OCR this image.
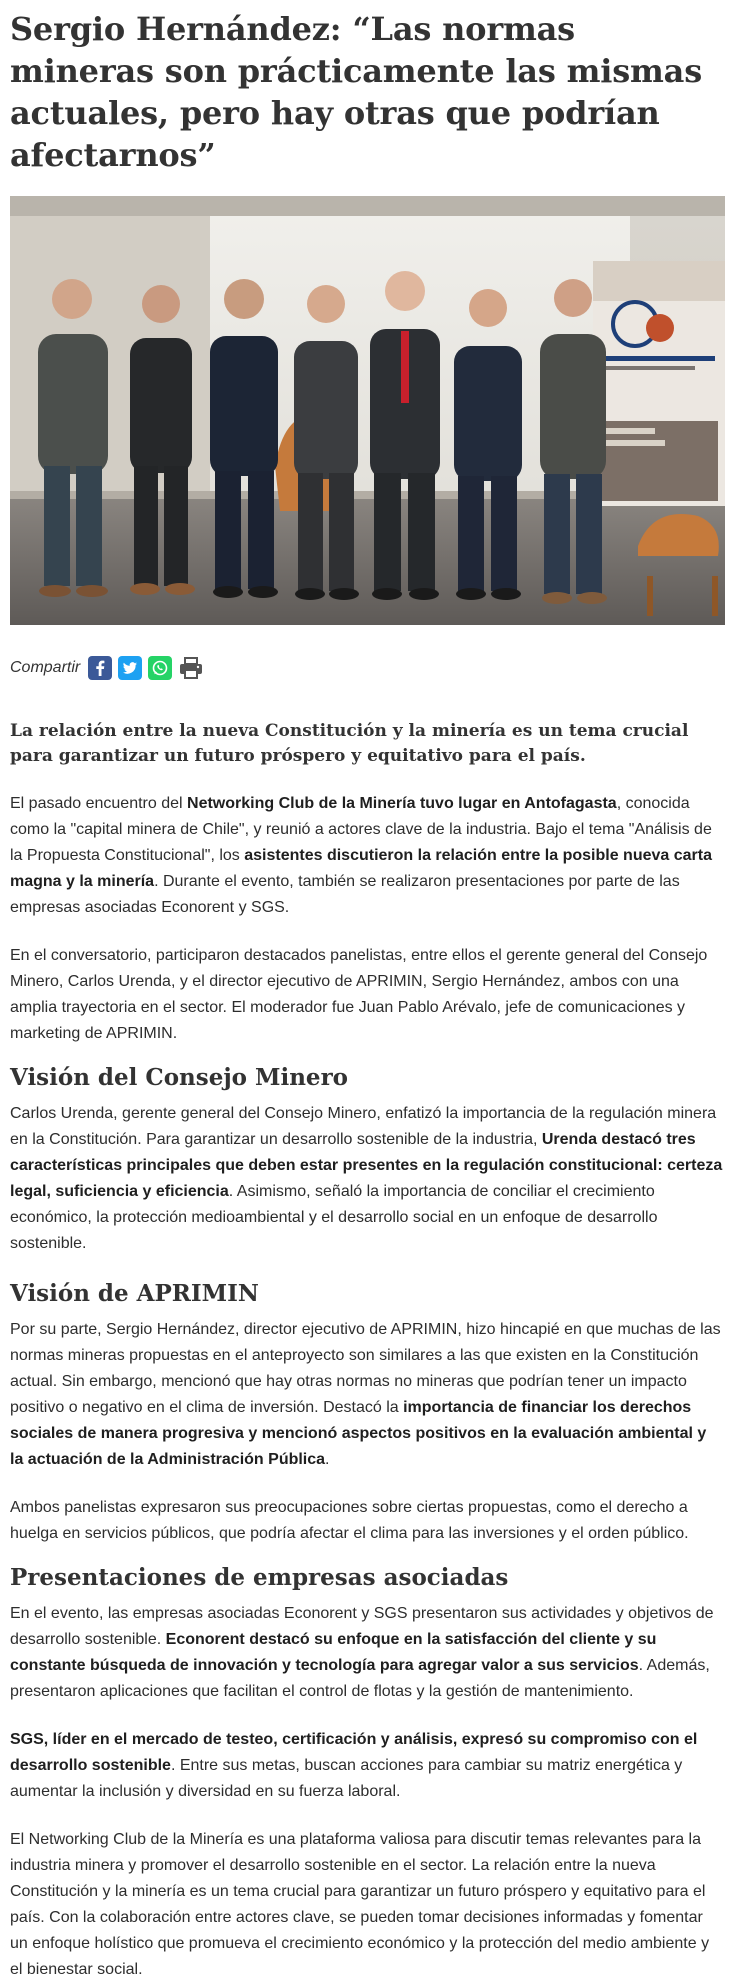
Sergio Hernández: “Las normas mineras son prácticamente las mismas actuales, pero hay otras que podrían afectarnos”
Compartir

La relación entre la nueva Constitución y la minería es un tema crucial para garantizar un futuro próspero y equitativo para el país.

El pasado encuentro del Networking Club de la Minería tuvo lugar en Antofagasta, conocida como la "capital minera de Chile", y reunió a actores clave de la industria. Bajo el tema "Análisis de la Propuesta Constitucional", los asistentes discutieron la relación entre la posible nueva carta magna y la minería. Durante el evento, también se realizaron presentaciones por parte de las empresas asociadas Econorent y SGS.

En el conversatorio, participaron destacados panelistas, entre ellos el gerente general del Consejo Minero, Carlos Urenda, y el director ejecutivo de APRIMIN, Sergio Hernández, ambos con una amplia trayectoria en el sector. El moderador fue Juan Pablo Arévalo, jefe de comunicaciones y marketing de APRIMIN.

Visión del Consejo Minero

Carlos Urenda, gerente general del Consejo Minero, enfatizó la importancia de la regulación minera en la Constitución. Para garantizar un desarrollo sostenible de la industria, Urenda destacó tres características principales que deben estar presentes en la regulación constitucional: certeza legal, suficiencia y eficiencia. Asimismo, señaló la importancia de conciliar el crecimiento económico, la protección medioambiental y el desarrollo social en un enfoque de desarrollo sostenible.

Visión de APRIMIN

Por su parte, Sergio Hernández, director ejecutivo de APRIMIN, hizo hincapié en que muchas de las normas mineras propuestas en el anteproyecto son similares a las que existen en la Constitución actual. Sin embargo, mencionó que hay otras normas no mineras que podrían tener un impacto positivo o negativo en el clima de inversión. Destacó la importancia de financiar los derechos sociales de manera progresiva y mencionó aspectos positivos en la evaluación ambiental y la actuación de la Administración Pública.

Ambos panelistas expresaron sus preocupaciones sobre ciertas propuestas, como el derecho a huelga en servicios públicos, que podría afectar el clima para las inversiones y el orden público.

Presentaciones de empresas asociadas

En el evento, las empresas asociadas Econorent y SGS presentaron sus actividades y objetivos de desarrollo sostenible. Econorent destacó su enfoque en la satisfacción del cliente y su constante búsqueda de innovación y tecnología para agregar valor a sus servicios. Además, presentaron aplicaciones que facilitan el control de flotas y la gestión de mantenimiento.

SGS, líder en el mercado de testeo, certificación y análisis, expresó su compromiso con el desarrollo sostenible. Entre sus metas, buscan acciones para cambiar su matriz energética y aumentar la inclusión y diversidad en su fuerza laboral.

El Networking Club de la Minería es una plataforma valiosa para discutir temas relevantes para la industria minera y promover el desarrollo sostenible en el sector. La relación entre la nueva Constitución y la minería es un tema crucial para garantizar un futuro próspero y equitativo para el país. Con la colaboración entre actores clave, se pueden tomar decisiones informadas y fomentar un enfoque holístico que promueva el crecimiento económico y la protección del medio ambiente y el bienestar social.
